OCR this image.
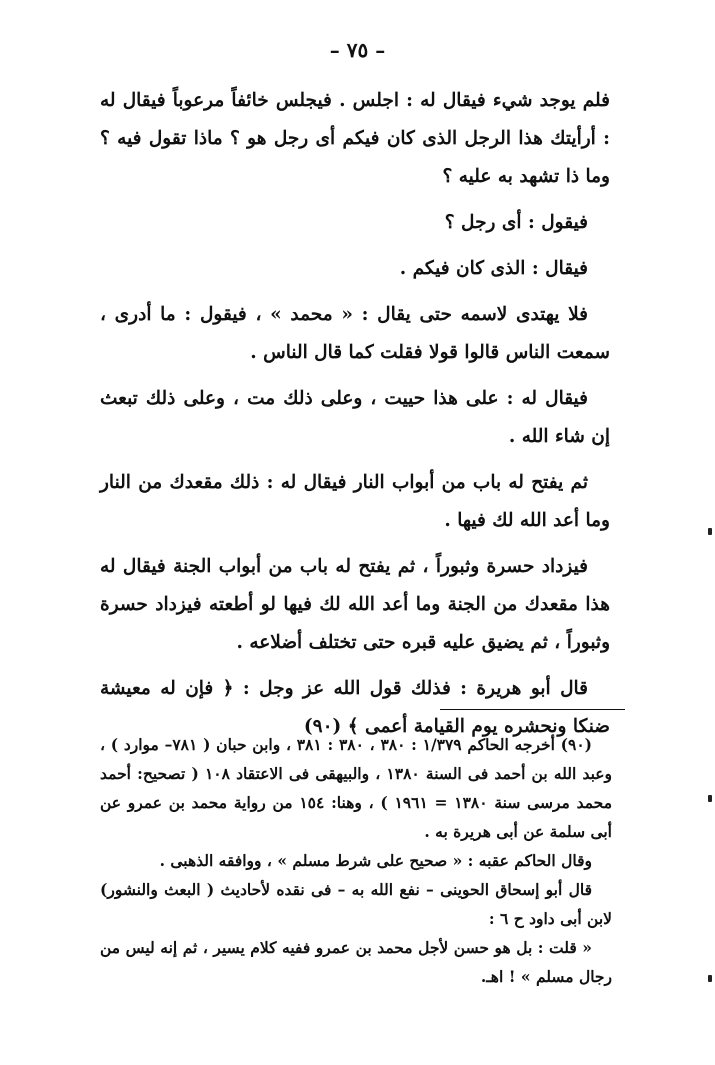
– ٧٥ –

فلم يوجد شيء فيقال له : اجلس . فيجلس خائفاً مرعوباً فيقال له : أرأيتك هذا الرجل الذى كان فيكم أى رجل هو ؟ ماذا تقول فيه ؟ وما ذا تشهد به عليه ؟

فيقول : أى رجل ؟

فيقال : الذى كان فيكم .

فلا يهتدى لاسمه حتى يقال : « محمد » ، فيقول : ما أدرى ، سمعت الناس قالوا قولا فقلت كما قال الناس .

فيقال له : على هذا حييت ، وعلى ذلك مت ، وعلى ذلك تبعث إن شاء الله .

ثم يفتح له باب من أبواب النار فيقال له : ذلك مقعدك من النار وما أعد الله لك فيها .

فيزداد حسرة وثبوراً ، ثم يفتح له باب من أبواب الجنة فيقال له هذا مقعدك من الجنة وما أعد الله لك فيها لو أطعته فيزداد حسرة وثبوراً ، ثم يضيق عليه قبره حتى تختلف أضلاعه .

قال أبو هريرة : فذلك قول الله عز وجل : ﴿ فإن له معيشة ضنكا ونحشره يوم القيامة أعمى ﴾ (٩٠)

(٩٠) أخرجه الحاكم ١/٣٧٩ : ٣٨٠ ، ٣٨٠ : ٣٨١ ، وابن حبان ( ٧٨١– موارد ) ، وعبد الله بن أحمد فى السنة ١٣٨٠ ، والبيهقى فى الاعتقاد ١٠٨ ( تصحيح: أحمد محمد مرسى سنة ١٣٨٠ = ١٩٦١ ) ، وهنا: ١٥٤ من رواية محمد بن عمرو عن أبى سلمة عن أبى هريرة به .

وقال الحاكم عقبه : « صحيح على شرط مسلم » ، ووافقه الذهبى .

قال أبو إسحاق الحوينى – نفع الله به – فى نقده لأحاديث ( البعث والنشور) لابن أبى داود ح ٦ :

« قلت : بل هو حسن لأجل محمد بن عمرو ففيه كلام يسير ، ثم إنه ليس من رجال مسلم » ! اهـ.
